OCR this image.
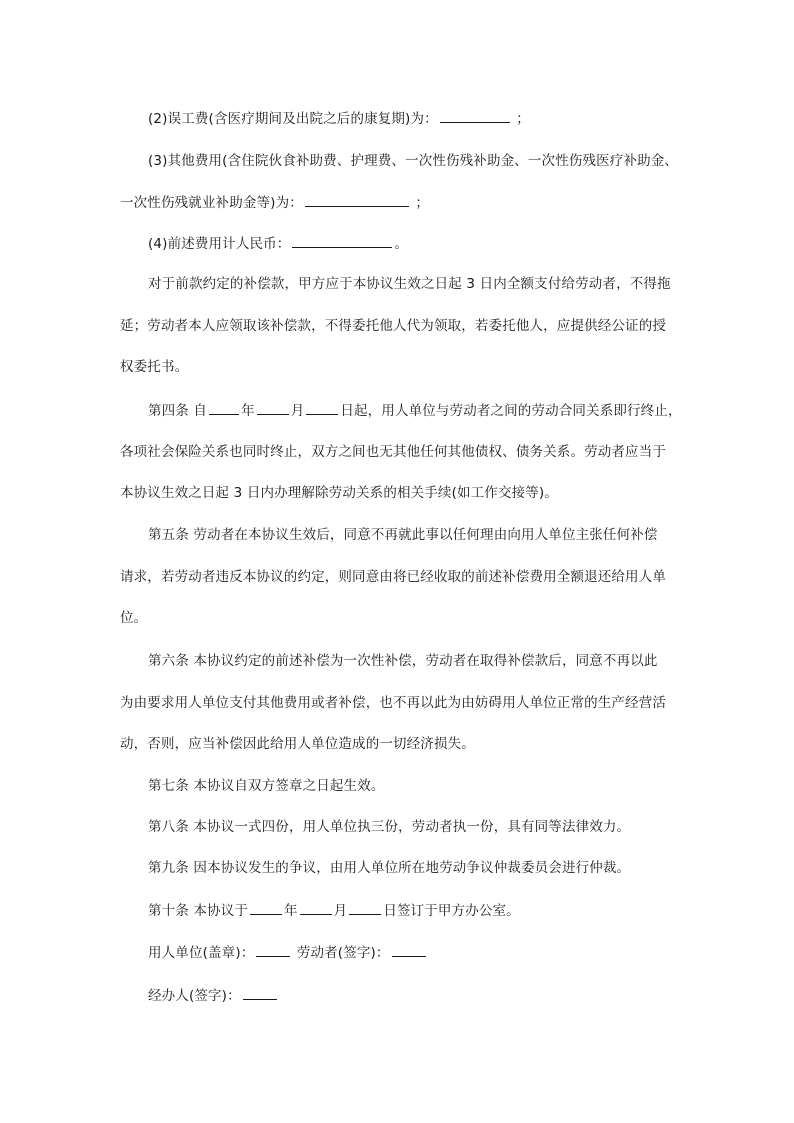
(2)误工费(含医疗期间及出院之后的康复期)为：	；
(3)其他费用(含住院伙食补助费、护理费、一次性伤残补助金、一次性伤残医疗补助金、
一次性伤残就业补助金等)为：	；
(4)前述费用计人民币：	。
对于前款约定的补偿款，甲方应于本协议生效之日起 3 日内全额支付给劳动者，不得拖
延；劳动者本人应领取该补偿款，不得委托他人代为领取，若委托他人，应提供经公证的授
权委托书。
第四条 自	年	月	日起，用人单位与劳动者之间的劳动合同关系即行终止，
各项社会保险关系也同时终止，双方之间也无其他任何其他债权、债务关系。劳动者应当于
本协议生效之日起 3 日内办理解除劳动关系的相关手续(如工作交接等)。
第五条 劳动者在本协议生效后，同意不再就此事以任何理由向用人单位主张任何补偿
请求，若劳动者违反本协议的约定，则同意由将已经收取的前述补偿费用全额退还给用人单
位。
第六条 本协议约定的前述补偿为一次性补偿，劳动者在取得补偿款后，同意不再以此
为由要求用人单位支付其他费用或者补偿，也不再以此为由妨碍用人单位正常的生产经营活
动，否则，应当补偿因此给用人单位造成的一切经济损失。
第七条 本协议自双方签章之日起生效。
第八条 本协议一式四份，用人单位执三份，劳动者执一份，具有同等法律效力。
第九条 因本协议发生的争议，由用人单位所在地劳动争议仲裁委员会进行仲裁。
第十条 本协议于	年	月	日签订于甲方办公室。
用人单位(盖章)：	劳动者(签字)：
经办人(签字)：
